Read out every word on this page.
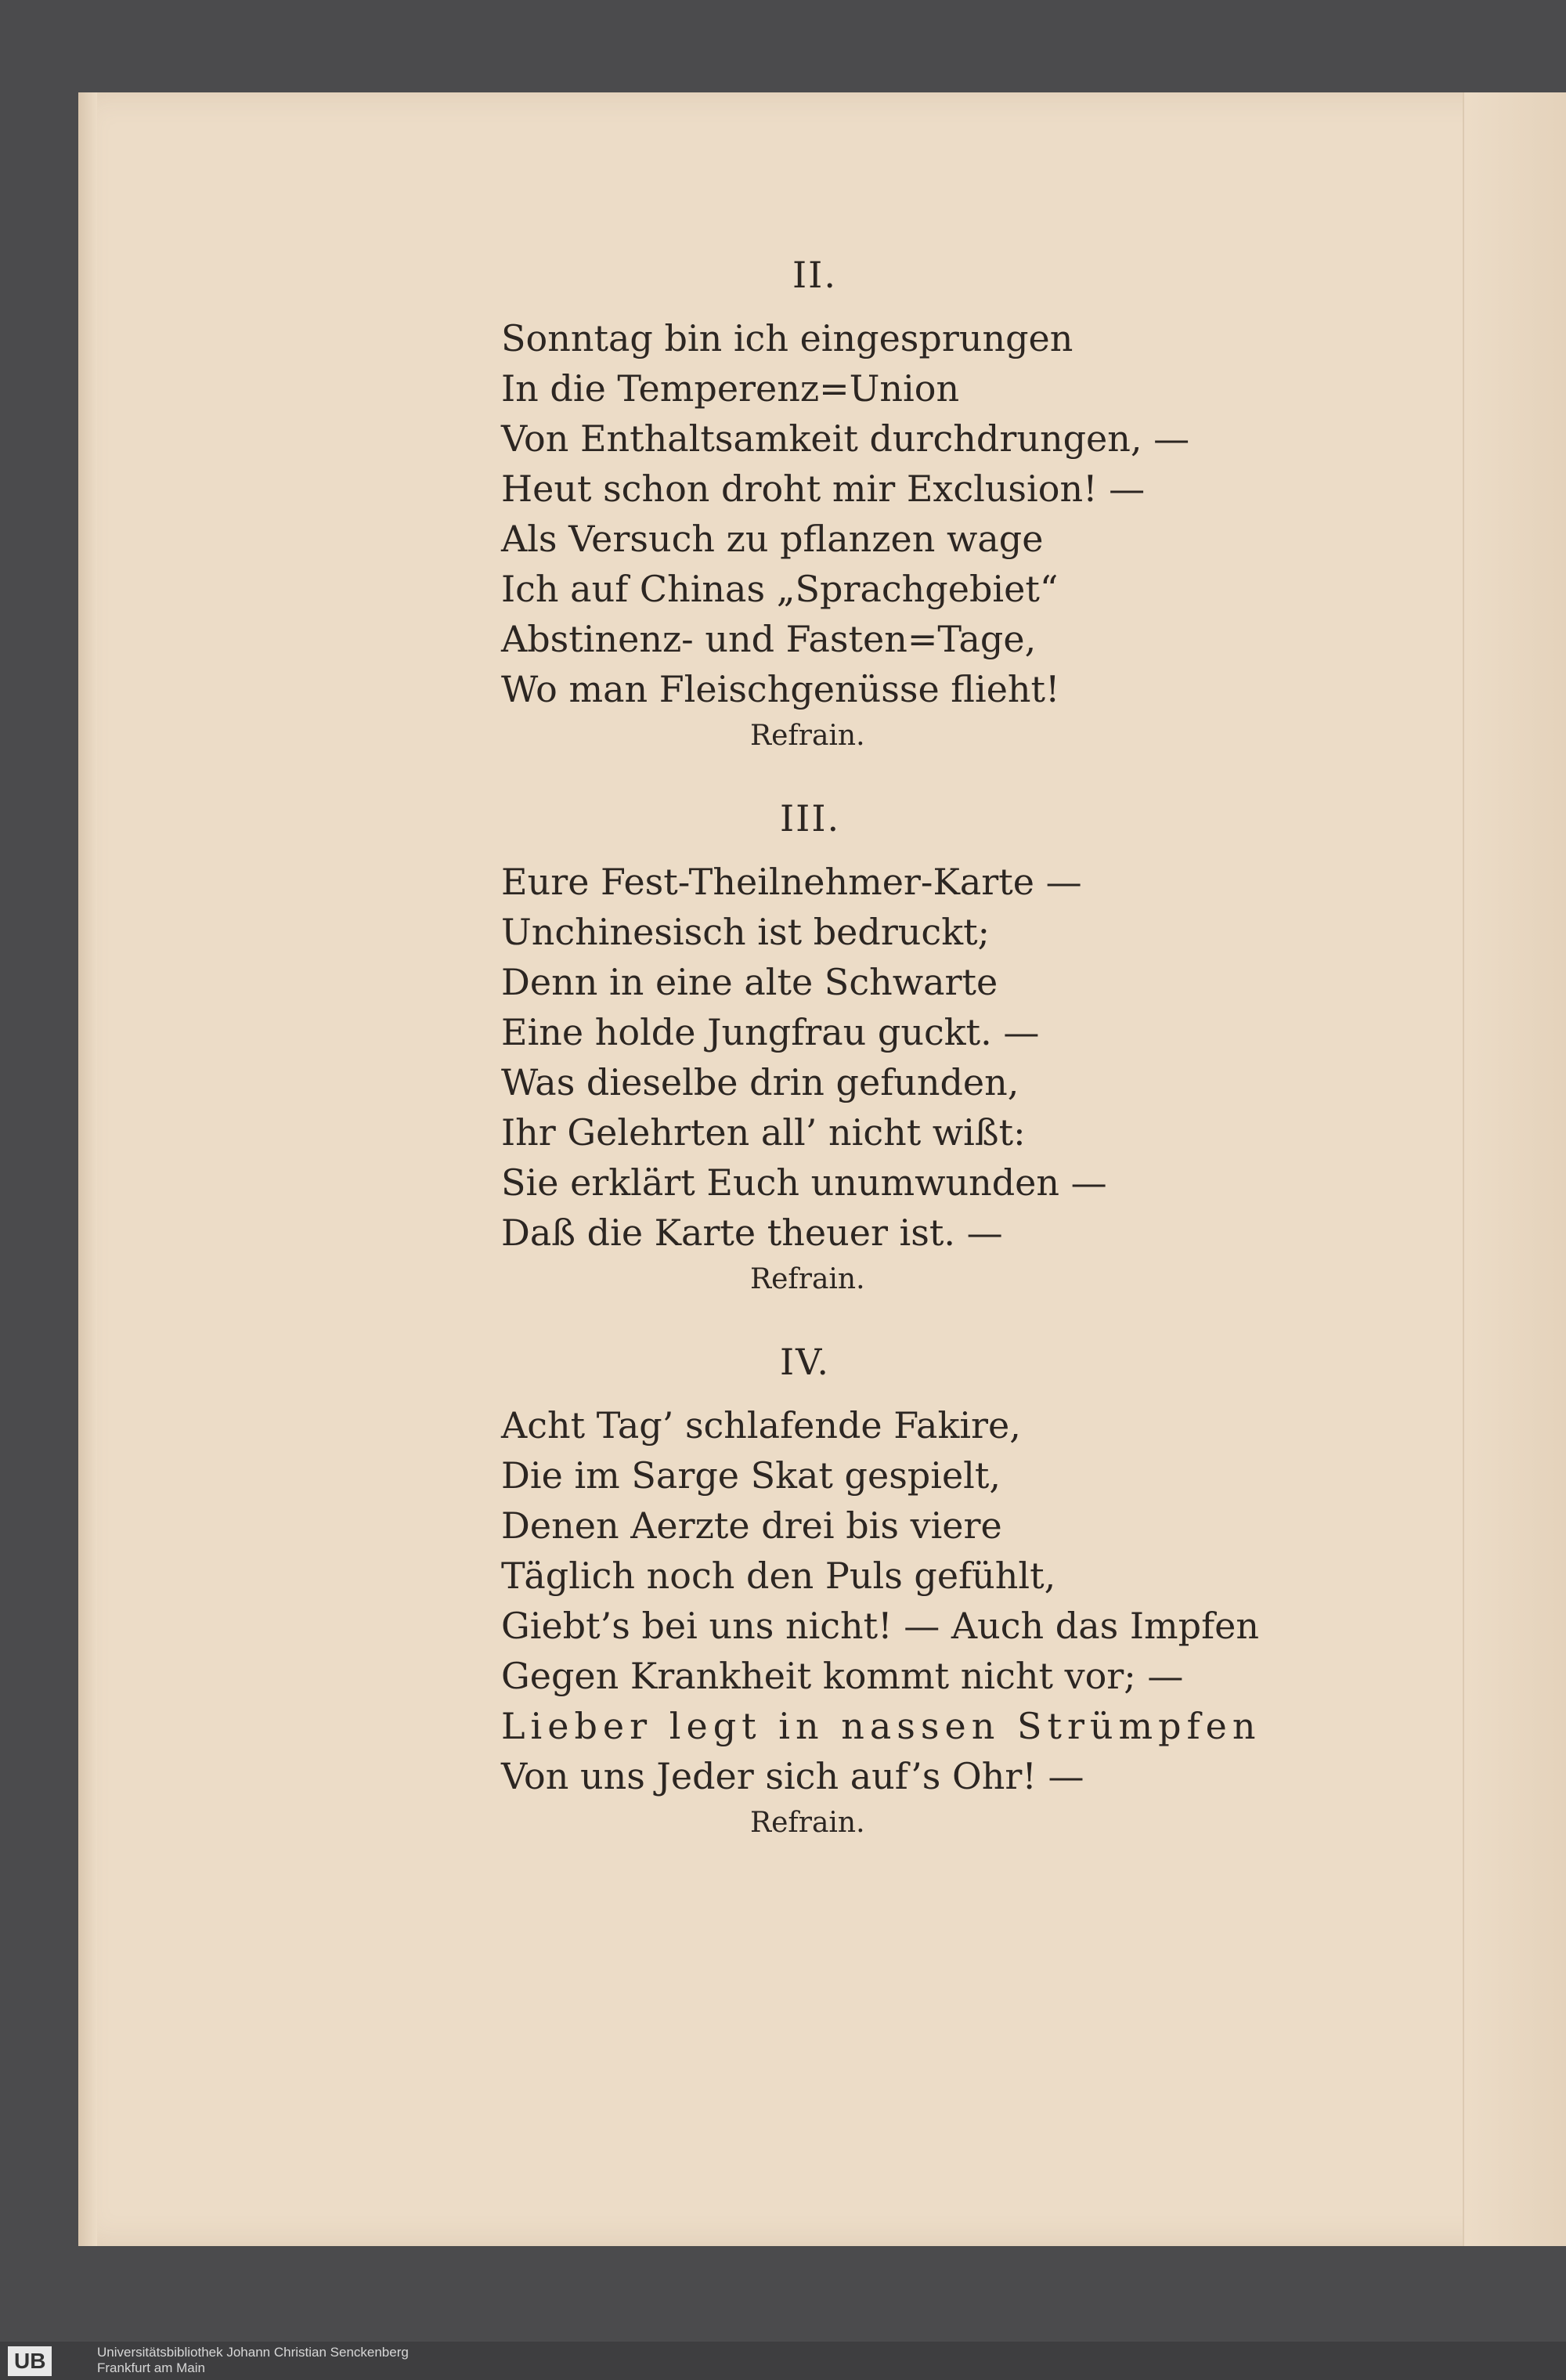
II.
Sonntag bin ich eingesprungen
In die Temperenz=Union
Von Enthaltsamkeit durchdrungen, —
Heut schon droht mir Exclusion! —
Als Versuch zu pflanzen wage
Ich auf Chinas „Sprachgebiet“
Abstinenz- und Fasten=Tage,
Wo man Fleischgenüsse flieht!
Refrain.
III.
Eure Fest-Theilnehmer-Karte —
Unchinesisch ist bedruckt;
Denn in eine alte Schwarte
Eine holde Jungfrau guckt. —
Was dieselbe drin gefunden,
Ihr Gelehrten all’ nicht wißt:
Sie erklärt Euch unumwunden —
Daß die Karte theuer ist. —
Refrain.
IV.
Acht Tag’ schlafende Fakire,
Die im Sarge Skat gespielt,
Denen Aerzte drei bis viere
Täglich noch den Puls gefühlt,
Giebt’s bei uns nicht! — Auch das Impfen
Gegen Krankheit kommt nicht vor; —
Lieber legt in nassen Strümpfen
Von uns Jeder sich auf’s Ohr! —
Refrain.
UB	Universitätsbibliothek Johann Christian Senckenberg
Frankfurt am Main
